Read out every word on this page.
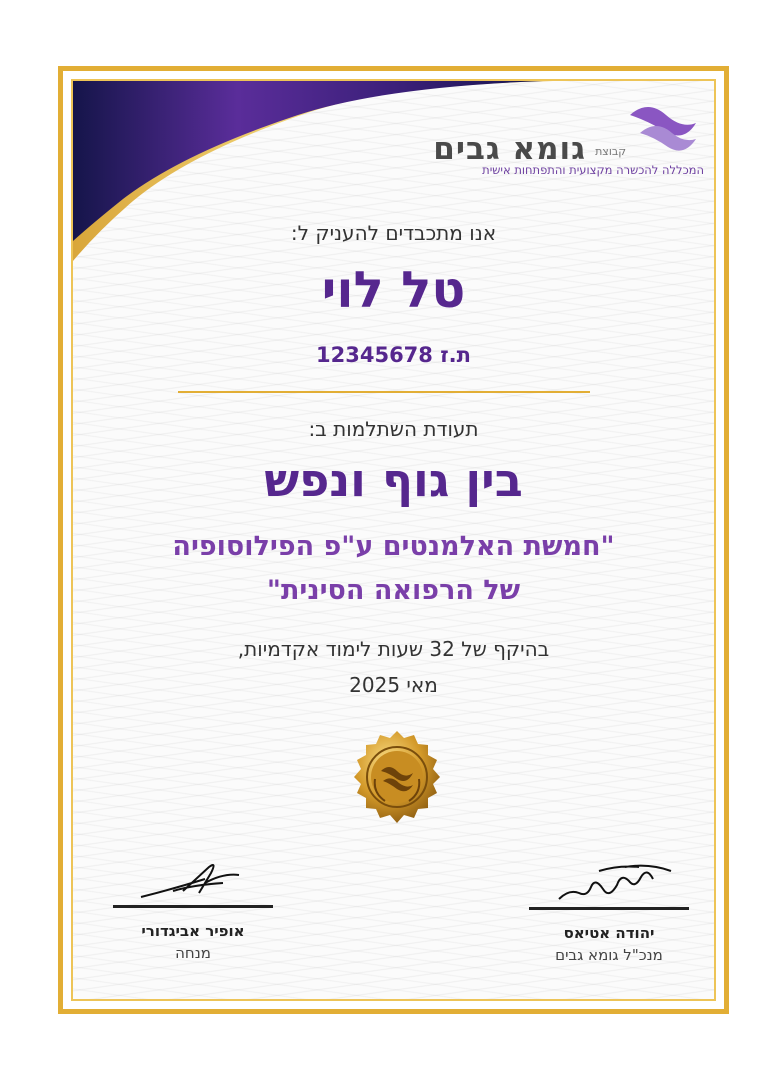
קבוצת
גומא גבים
המכללה להכשרה מקצועית והתפתחות אישית
אנו מתכבדים להעניק ל:
טל לוי
ת.ז 12345678
תעודת השתלמות ב:
בין גוף ונפש
"חמשת האלמנטים ע"פ הפילוסופיה
של הרפואה הסינית"
בהיקף של 32 שעות לימוד אקדמיות,
מאי 2025
אופיר אביגדורי
מנחה
יהודה אטיאס
מנכ"ל גומא גבים
